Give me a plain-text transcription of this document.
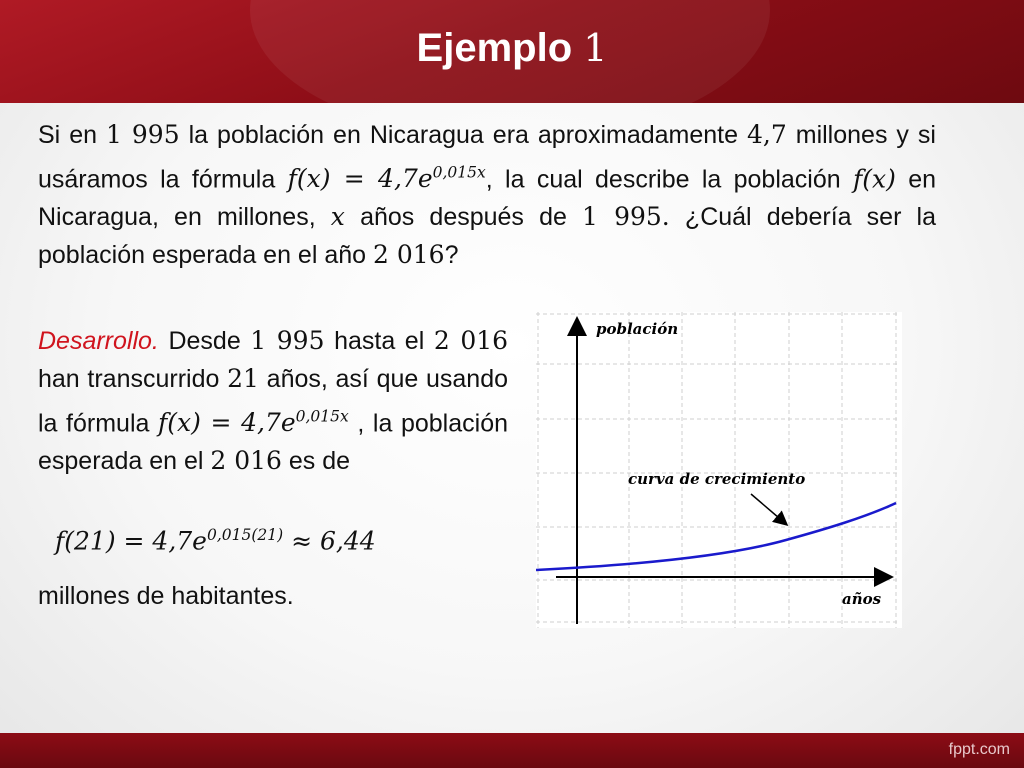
Ejemplo 1
Si en 1 995 la población en Nicaragua era aproximadamente 4,7 millones y si usáramos la fórmula $f(x) = 4,7e^{0,015x}$, la cual describe la población f(x) en Nicaragua, en millones, x años después de 1 995. ¿Cuál debería ser la población esperada en el año 2 016?
Desarrollo. Desde 1 995 hasta el 2 016 han transcurrido 21 años, así que usando la fórmula $f(x) = 4,7e^{0,015x}$ , la población esperada en el 2 016 es de
$f(21) = 4,7e^{0,015(21)} \approx 6,44$
millones de habitantes.
población
años
curva de crecimiento
fppt.com
